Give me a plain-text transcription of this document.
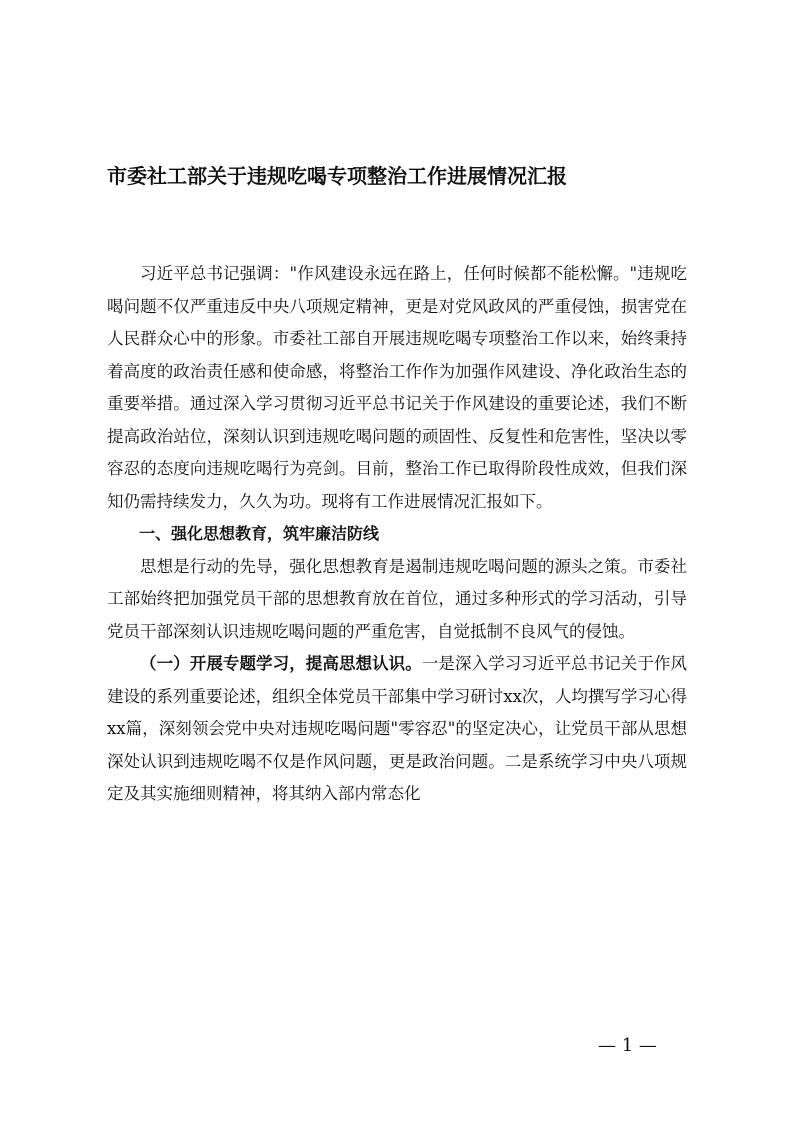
市委社工部关于违规吃喝专项整治工作进展情况汇报

习近平总书记强调："作风建设永远在路上，任何时候都不能松懈。"违规吃喝问题不仅严重违反中央八项规定精神，更是对党风政风的严重侵蚀，损害党在人民群众心中的形象。市委社工部自开展违规吃喝专项整治工作以来，始终秉持着高度的政治责任感和使命感，将整治工作作为加强作风建设、净化政治生态的重要举措。通过深入学习贯彻习近平总书记关于作风建设的重要论述，我们不断提高政治站位，深刻认识到违规吃喝问题的顽固性、反复性和危害性，坚决以零容忍的态度向违规吃喝行为亮剑。目前，整治工作已取得阶段性成效，但我们深知仍需持续发力，久久为功。现将有工作进展情况汇报如下。

一、强化思想教育，筑牢廉洁防线

思想是行动的先导，强化思想教育是遏制违规吃喝问题的源头之策。市委社工部始终把加强党员干部的思想教育放在首位，通过多种形式的学习活动，引导党员干部深刻认识违规吃喝问题的严重危害，自觉抵制不良风气的侵蚀。

（一）开展专题学习，提高思想认识。一是深入学习习近平总书记关于作风建设的系列重要论述，组织全体党员干部集中学习研讨xx次，人均撰写学习心得xx篇，深刻领会党中央对违规吃喝问题"零容忍"的坚定决心，让党员干部从思想深处认识到违规吃喝不仅是作风问题，更是政治问题。二是系统学习中央八项规定及其实施细则精神，将其纳入部内常态化

— 1 —
